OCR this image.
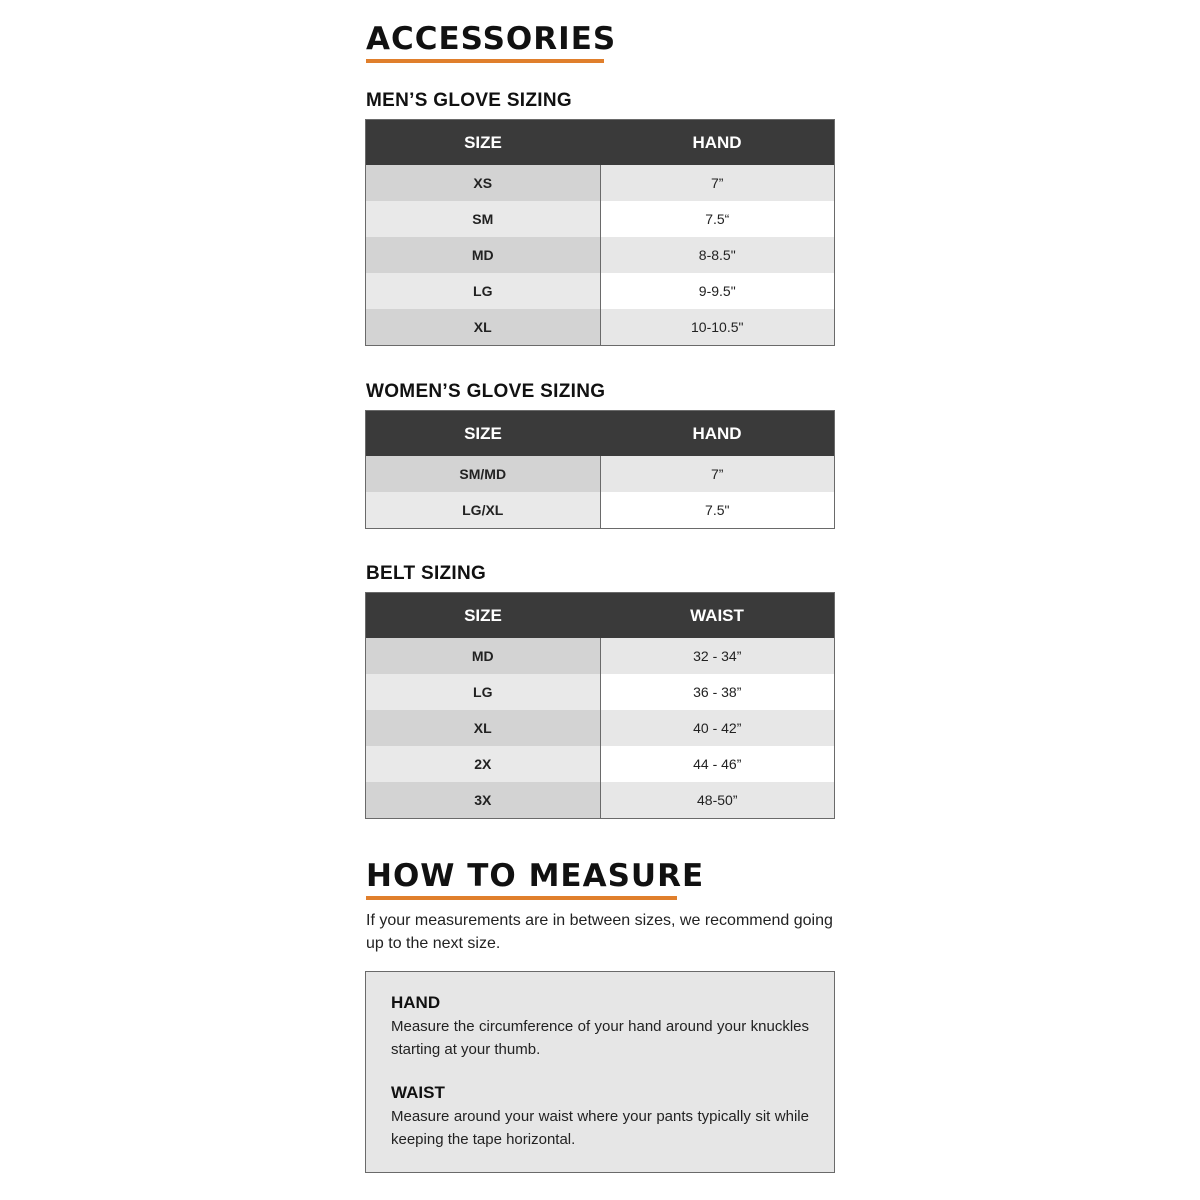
ACCESSORIES
MEN’S GLOVE SIZING
SIZE	HAND
XS	7”
SM	7.5“
MD	8-8.5"
LG	9-9.5"
XL	10-10.5"
WOMEN’S GLOVE SIZING
SIZE	HAND
SM/MD	7”
LG/XL	7.5"
BELT SIZING
SIZE	WAIST
MD	32 - 34”
LG	36 - 38”
XL	40 - 42”
2X	44 - 46”
3X	48-50”
HOW TO MEASURE
If your measurements are in between sizes, we recommend going up to the next size.
HAND
Measure the circumference of your hand around your knuckles starting at your thumb.
WAIST
Measure around your waist where your pants typically sit while keeping the tape horizontal.
